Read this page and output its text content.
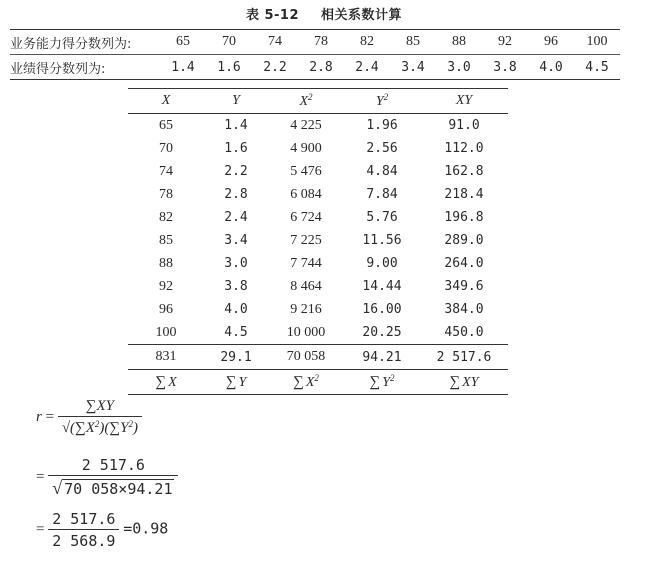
表 5-12 相关系数计算
业务能力得分数列为:	65	70	74	78	82	85	88	92	96	100
业绩得分数列为:	1.4	1.6	2.2	2.8	2.4	3.4	3.0	3.8	4.0	4.5
X	Y	$X^2$	$Y^2$	XY
65	1.4	4 225	1.96	91.0
70	1.6	4 900	2.56	112.0
74	2.2	5 476	4.84	162.8
78	2.8	6 084	7.84	218.4
82	2.4	6 724	5.76	196.8
85	3.4	7 225	11.56	289.0
88	3.0	7 744	9.00	264.0
92	3.8	8 464	14.44	349.6
96	4.0	9 216	16.00	384.0
100	4.5	10 000	20.25	450.0
831	29.1	70 058	94.21	2 517.6
∑ X	∑ Y	∑ $X^2$	∑ $Y^2$	∑ XY
$r = \frac{\sum XY}{√(\sum X^2)(\sum Y^2)}$
= $\frac{2 517.6}{√ 70 058\times 94.21}$
= $\frac{2 517.6}{2 568.9} =0.98$
